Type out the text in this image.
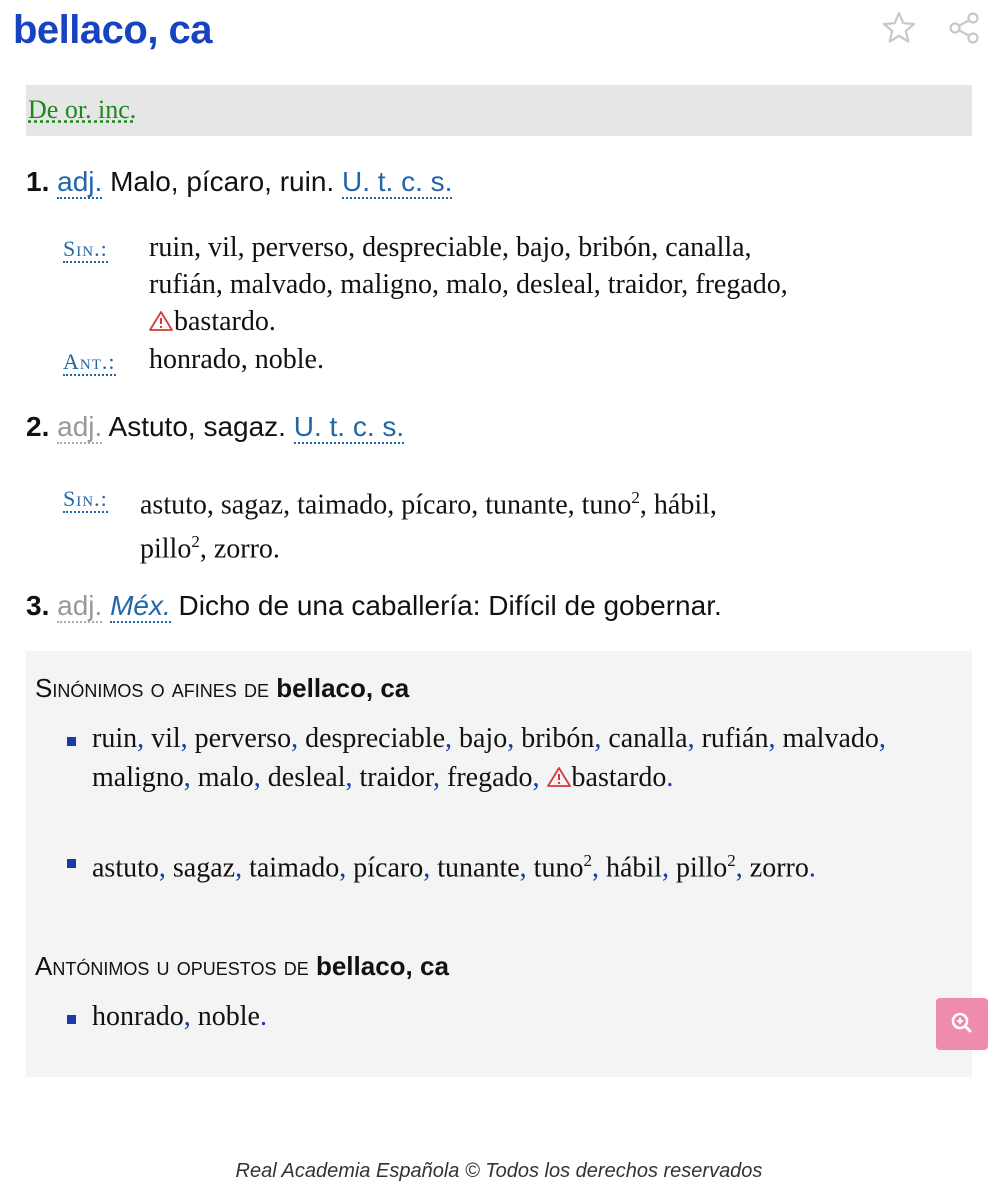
bellaco, ca
De or. inc.
1. adj. Malo, pícaro, ruin. U. t. c. s.
Sin.: ruin, vil, perverso, despreciable, bajo, bribón, canalla,
rufián, malvado, maligno, malo, desleal, traidor, fregado,
bastardo.
Ant.: honrado, noble.
2. adj. Astuto, sagaz. U. t. c. s.
Sin.: astuto, sagaz, taimado, pícaro, tunante, tuno$^2$, hábil,
pillo$^2$, zorro.
3. adj. Méx. Dicho de una caballería: Difícil de gobernar.
Sinónimos o afines de bellaco, ca
ruin, vil, perverso, despreciable, bajo, bribón, canalla, rufián, malvado, maligno, malo, desleal, traidor, fregado, bastardo.
astuto, sagaz, taimado, pícaro, tunante, tuno$^2$, hábil, pillo$^2$, zorro.
Antónimos u opuestos de bellaco, ca
honrado, noble.
Real Academia Española © Todos los derechos reservados
